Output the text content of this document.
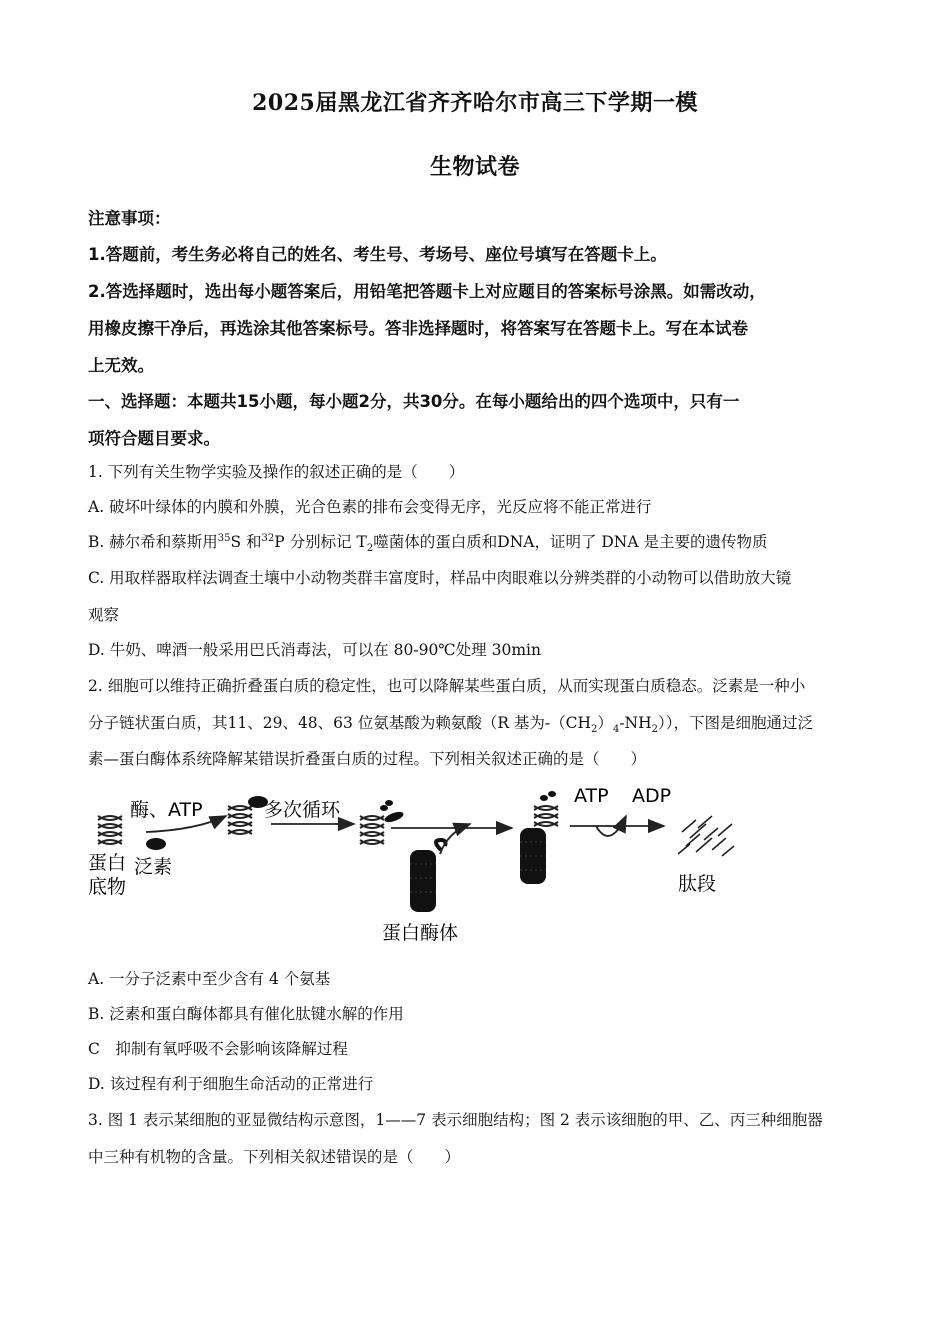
2025届黑龙江省齐齐哈尔市高三下学期一模
生物试卷
注意事项：
1.答题前，考生务必将自己的姓名、考生号、考场号、座位号填写在答题卡上。
2.答选择题时，选出每小题答案后，用铅笔把答题卡上对应题目的答案标号涂黑。如需改动，
用橡皮擦干净后，再选涂其他答案标号。答非选择题时，将答案写在答题卡上。写在本试卷
上无效。
一、选择题：本题共15小题，每小题2分，共30分。在每小题给出的四个选项中，只有一
项符合题目要求。
1. 下列有关生物学实验及操作的叙述正确的是（　　）
A. 破坏叶绿体的内膜和外膜，光合色素的排布会变得无序，光反应将不能正常进行
B. 赫尔希和蔡斯用$^{35}$S 和$^{32}$P 分别标记 $T_2$噬菌体的蛋白质和DNA，证明了 DNA 是主要的遗传物质
C. 用取样器取样法调查土壤中小动物类群丰富度时，样品中肉眼难以分辨类群的小动物可以借助放大镜
观察
D. 牛奶、啤酒一般采用巴氏消毒法，可以在 80-90℃处理 30min
2. 细胞可以维持正确折叠蛋白质的稳定性，也可以降解某些蛋白质，从而实现蛋白质稳态。泛素是一种小
分子链状蛋白质，其11、29、48、63 位氨基酸为赖氨酸（R 基为$-(CH_2)_4-NH_2$）），下图是细胞通过泛
素—蛋白酶体系统降解某错误折叠蛋白质的过程。下列相关叙述正确的是（　　）
蛋白
底物
泛素
酶、ATP	多次循环
蛋白酶体
ATP ADP
肽段
A. 一分子泛素中至少含有 4 个氨基
B. 泛素和蛋白酶体都具有催化肽键水解的作用
C　抑制有氧呼吸不会影响该降解过程
D. 该过程有利于细胞生命活动的正常进行
3. 图 1 表示某细胞的亚显微结构示意图，1——7 表示细胞结构；图 2 表示该细胞的甲、乙、丙三种细胞器
中三种有机物的含量。下列相关叙述错误的是（　　）
